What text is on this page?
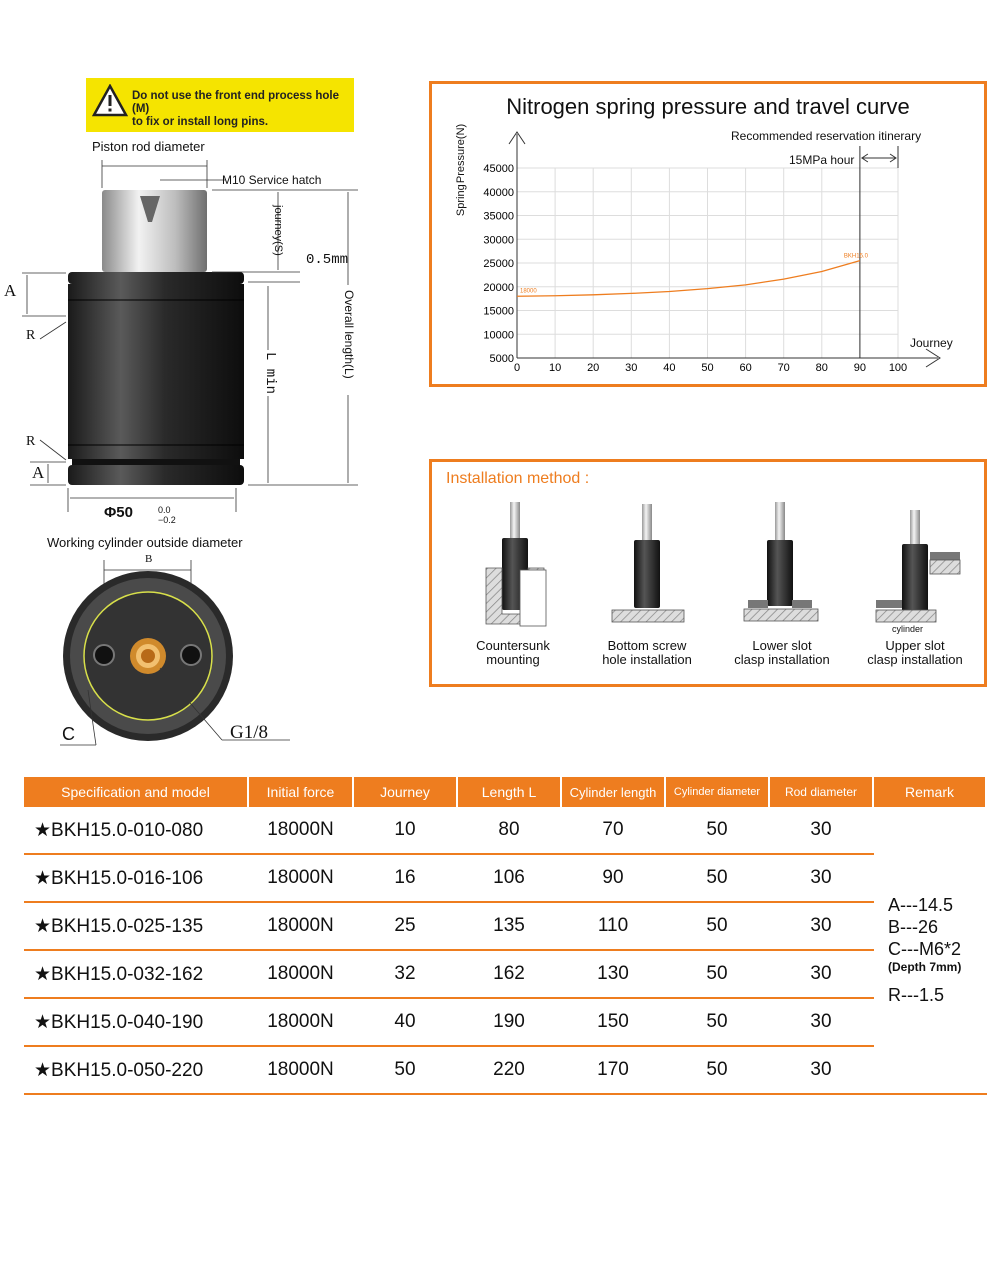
Do not use the front end process hole (M)
to fix or install long pins.
Piston rod diameter
M10 Service hatch
journey(S)
0.5mm
Overall length(L)
L min
A
R
R
A
Φ50	0.0
−0.2
Working cylinder outside diameter
B
C	G1/8
Nitrogen spring pressure and travel curve
0	10 20 30 40 50 60 70 80 90 100
5000
10000
15000
20000
25000
30000
35000
40000
45000
BKH15.0
18000
Spring
Pressure(N)
Journey
Recommended reservation itinerary
15MPa hour
Installation method :
Countersunk
mounting
Bottom screw
hole installation
Lower slot
clasp installation
Upper slot
clasp installation
cylinder
Specification and model	Initial force	Journey	Length L	Cylinder length	Cylinder diameter	Rod diameter	Remark
★BKH15.0-010-080	18000N	10	80	70	50	30	A---14.5
B---26
C---M6*2
(Depth 7mm)
R---1.5

★BKH15.0-016-106	18000N	16	106	90	50	30	
★BKH15.0-025-135	18000N	25	135	110	50	30	
★BKH15.0-032-162	18000N	32	162	130	50	30	
★BKH15.0-040-190	18000N	40	190	150	50	30	
★BKH15.0-050-220	18000N	50	220	170	50	30	
